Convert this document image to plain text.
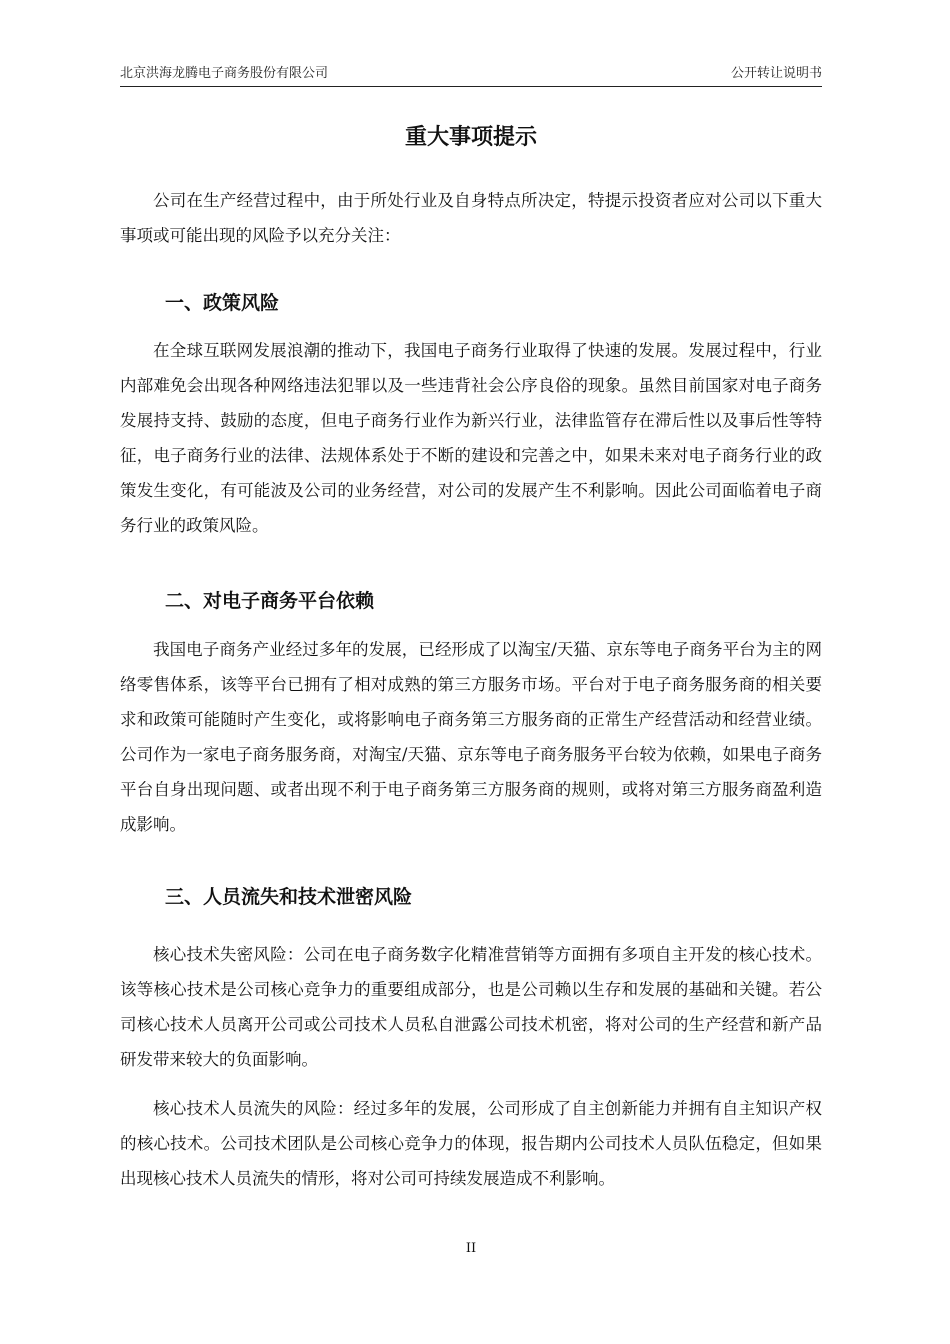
北京洪海龙腾电子商务股份有限公司	公开转让说明书
重大事项提示

公司在生产经营过程中，由于所处行业及自身特点所决定，特提示投资者应对公司以下重大事项或可能出现的风险予以充分关注：

一、政策风险

在全球互联网发展浪潮的推动下，我国电子商务行业取得了快速的发展。发展过程中，行业内部难免会出现各种网络违法犯罪以及一些违背社会公序良俗的现象。虽然目前国家对电子商务发展持支持、鼓励的态度，但电子商务行业作为新兴行业，法律监管存在滞后性以及事后性等特征，电子商务行业的法律、法规体系处于不断的建设和完善之中，如果未来对电子商务行业的政策发生变化，有可能波及公司的业务经营，对公司的发展产生不利影响。因此公司面临着电子商务行业的政策风险。

二、对电子商务平台依赖

我国电子商务产业经过多年的发展，已经形成了以淘宝/天猫、京东等电子商务平台为主的网络零售体系，该等平台已拥有了相对成熟的第三方服务市场。平台对于电子商务服务商的相关要求和政策可能随时产生变化，或将影响电子商务第三方服务商的正常生产经营活动和经营业绩。公司作为一家电子商务服务商，对淘宝/天猫、京东等电子商务服务平台较为依赖，如果电子商务平台自身出现问题、或者出现不利于电子商务第三方服务商的规则，或将对第三方服务商盈利造成影响。

三、人员流失和技术泄密风险

核心技术失密风险：公司在电子商务数字化精准营销等方面拥有多项自主开发的核心技术。该等核心技术是公司核心竞争力的重要组成部分，也是公司赖以生存和发展的基础和关键。若公司核心技术人员离开公司或公司技术人员私自泄露公司技术机密，将对公司的生产经营和新产品研发带来较大的负面影响。

核心技术人员流失的风险：经过多年的发展，公司形成了自主创新能力并拥有自主知识产权的核心技术。公司技术团队是公司核心竞争力的体现，报告期内公司技术人员队伍稳定，但如果出现核心技术人员流失的情形，将对公司可持续发展造成不利影响。

II
